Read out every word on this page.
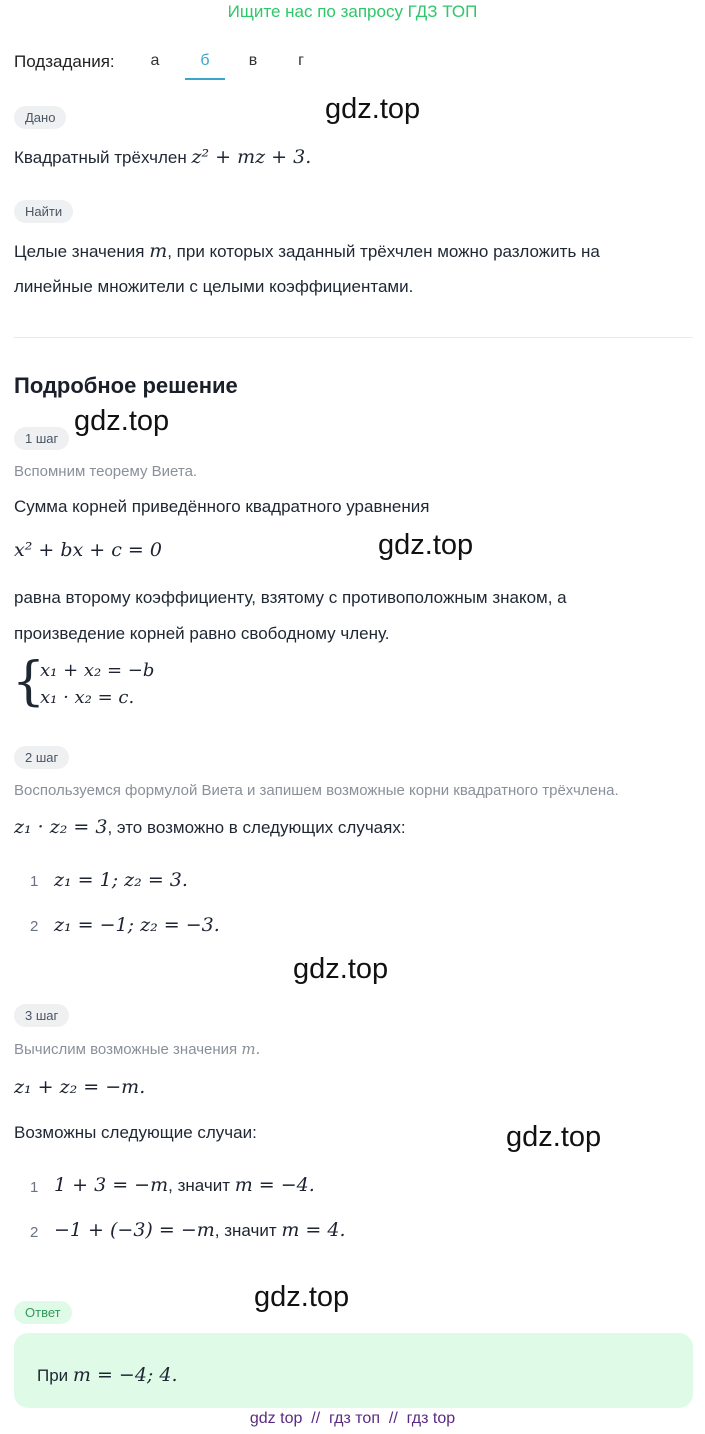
Ищите нас по запросу ГДЗ ТОП
Подзадания:	а	б	в	г
gdz.top
Дано
Квадратный трёхчлен z² + mz + 3.
Найти
Целые значения m, при которых заданный трёхчлен можно разложить на
линейные множители с целыми коэффициентами.
Подробное решение
gdz.top
1 шаг
Вспомним теорему Виета.
Сумма корней приведённого квадратного уравнения
x² + bx + c = 0	gdz.top
равна второму коэффициенту, взятому с противоположным знаком, а
произведение корней равно свободному члену.
{
x₁ + x₂ = −b
x₁ · x₂ = c.
2 шаг
Воспользуемся формулой Виета и запишем возможные корни квадратного трёхчлена.
z₁ · z₂ = 3, это возможно в следующих случаях:
1 z₁ = 1; z₂ = 3.
2 z₁ = −1; z₂ = −3.
gdz.top
3 шаг
Вычислим возможные значения m.
z₁ + z₂ = −m.
Возможны следующие случаи:	gdz.top
1 1 + 3 = −m, значит m = −4.
2 −1 + (−3) = −m, значит m = 4.
gdz.top
Ответ
При m = −4; 4.
gdz top  //  гдз топ  //  гдз top
